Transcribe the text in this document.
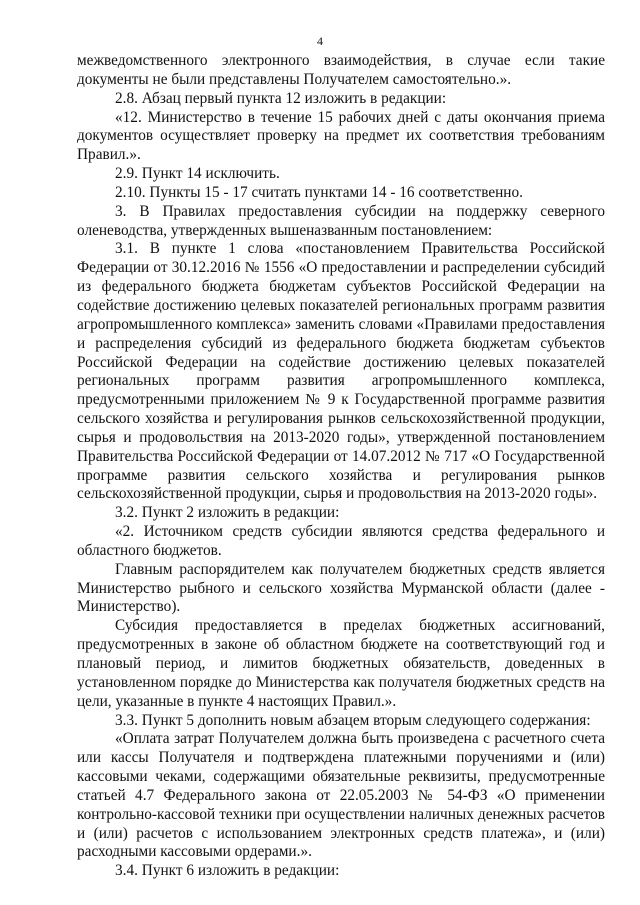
4

межведомственного электронного взаимодействия, в случае если такие документы не были представлены Получателем самостоятельно.».

2.8. Абзац первый пункта 12 изложить в редакции:

«12. Министерство в течение 15 рабочих дней с даты окончания приема документов осуществляет проверку на предмет их соответствия требованиям Правил.».

2.9. Пункт 14 исключить.

2.10. Пункты 15 - 17 считать пунктами 14 - 16 соответственно.

3. В Правилах предоставления субсидии на поддержку северного оленеводства, утвержденных вышеназванным постановлением:

3.1. В пункте 1 слова «постановлением Правительства Российской Федерации от 30.12.2016 № 1556 «О предоставлении и распределении субсидий из федерального бюджета бюджетам субъектов Российской Федерации на содействие достижению целевых показателей региональных программ развития агропромышленного комплекса» заменить словами «Правилами предоставления и распределения субсидий из федерального бюджета бюджетам субъектов Российской Федерации на содействие достижению целевых показателей региональных программ развития агропромышленного комплекса, предусмотренными приложением № 9 к Государственной программе развития сельского хозяйства и регулирования рынков сельскохозяйственной продукции, сырья и продовольствия на 2013-2020 годы», утвержденной постановлением Правительства Российской Федерации от 14.07.2012 № 717 «О Государственной программе развития сельского хозяйства и регулирования рынков сельскохозяйственной продукции, сырья и продовольствия на 2013-2020 годы».

3.2. Пункт 2 изложить в редакции:

«2. Источником средств субсидии являются средства федерального и областного бюджетов.

Главным распорядителем как получателем бюджетных средств является Министерство рыбного и сельского хозяйства Мурманской области (далее - Министерство).

Субсидия предоставляется в пределах бюджетных ассигнований, предусмотренных в законе об областном бюджете на соответствующий год и плановый период, и лимитов бюджетных обязательств, доведенных в установленном порядке до Министерства как получателя бюджетных средств на цели, указанные в пункте 4 настоящих Правил.».

3.3. Пункт 5 дополнить новым абзацем вторым следующего содержания:

«Оплата затрат Получателем должна быть произведена с расчетного счета или кассы Получателя и подтверждена платежными поручениями и (или) кассовыми чеками, содержащими обязательные реквизиты, предусмотренные статьей 4.7 Федерального закона от 22.05.2003 № 54-ФЗ «О применении контрольно-кассовой техники при осуществлении наличных денежных расчетов и (или) расчетов с использованием электронных средств платежа», и (или) расходными кассовыми ордерами.».

3.4. Пункт 6 изложить в редакции:
